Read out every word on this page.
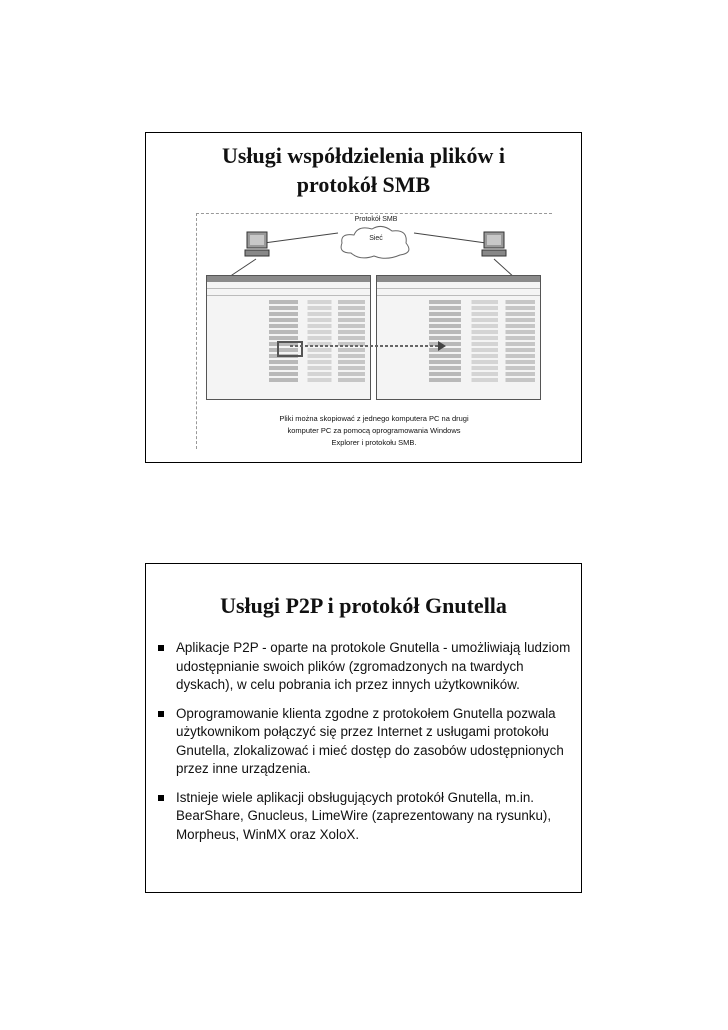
Usługi współdzielenia plików i
protokół SMB
Protokół SMB
Sieć
Pliki można skopiować z jednego komputera PC na drugi
komputer PC za pomocą oprogramowania Windows
Explorer i protokołu SMB.
Usługi P2P i protokół Gnutella
Aplikacje P2P - oparte na protokole Gnutella - umożliwiają ludziom udostępnianie swoich plików (zgromadzonych na twardych dyskach), w celu pobrania ich przez innych użytkowników.
Oprogramowanie klienta zgodne z protokołem Gnutella pozwala użytkownikom połączyć się przez Internet z usługami protokołu Gnutella, zlokalizować i mieć dostęp do zasobów udostępnionych przez inne urządzenia.
Istnieje wiele aplikacji obsługujących protokół Gnutella, m.in. BearShare, Gnucleus, LimeWire (zaprezentowany na rysunku), Morpheus, WinMX oraz XoloX.
